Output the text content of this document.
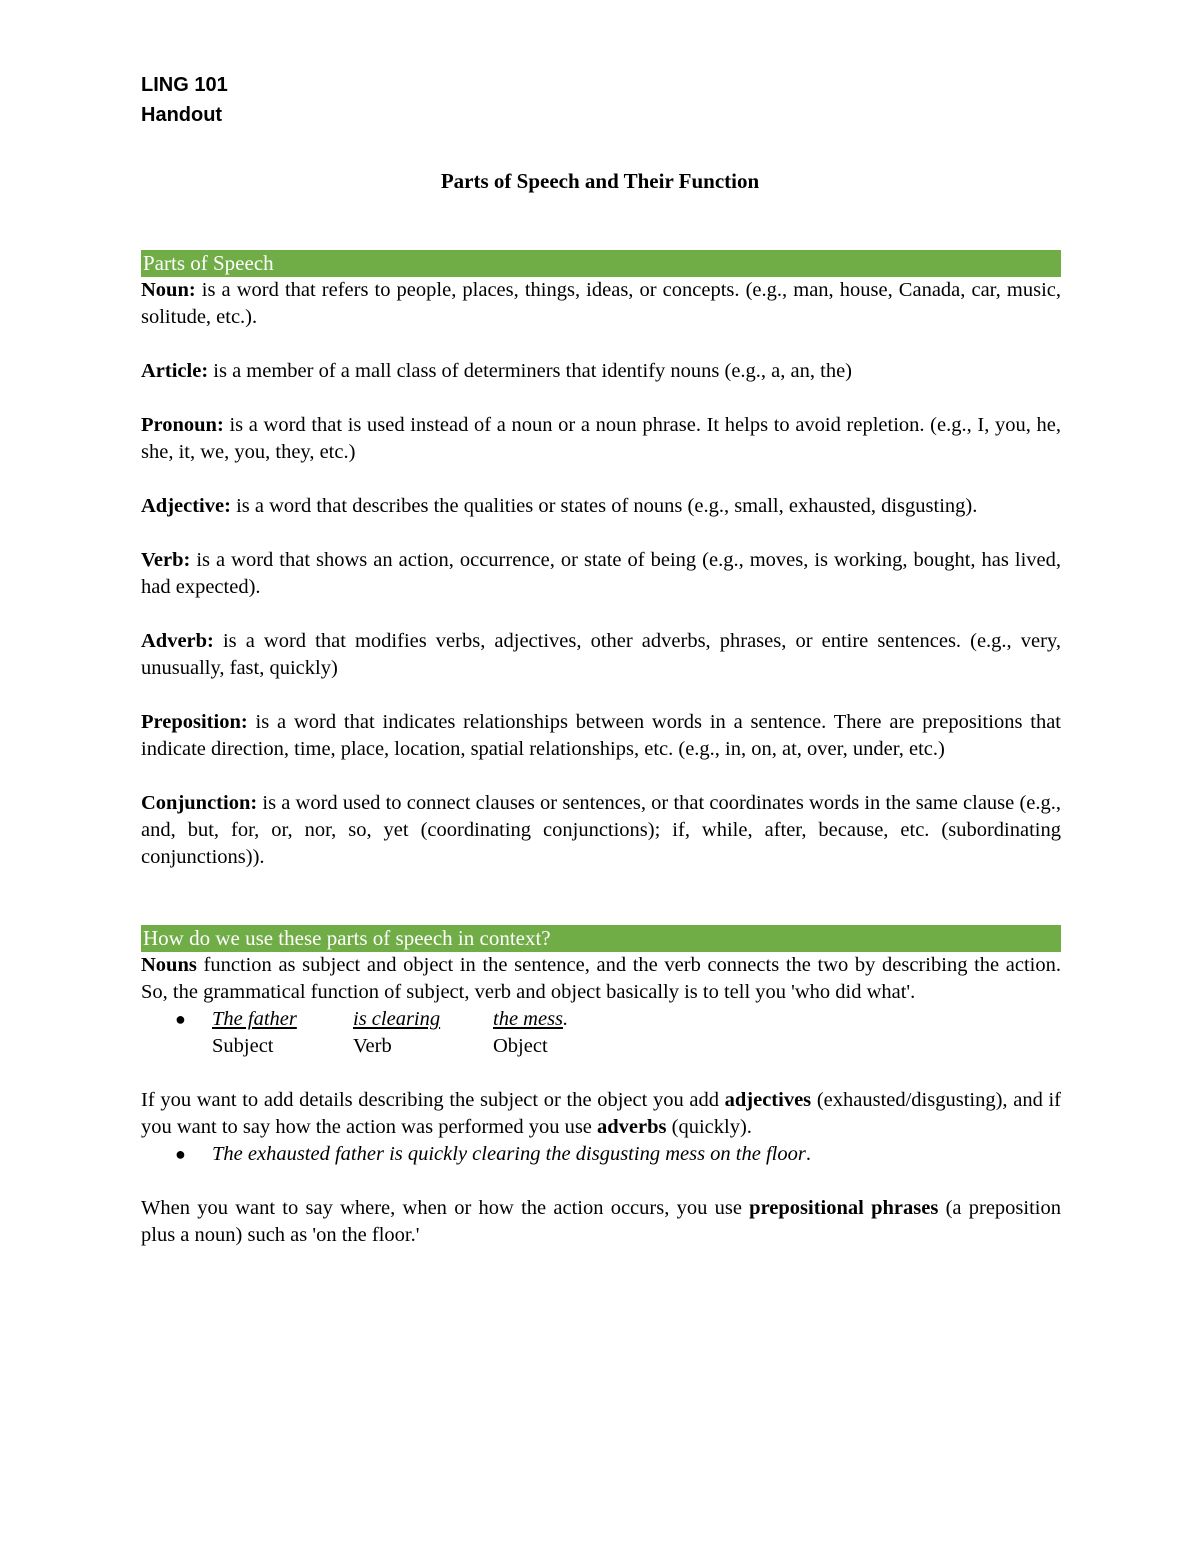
LING 101
Handout
Parts of Speech and Their Function
Parts of Speech

Noun: is a word that refers to people, places, things, ideas, or concepts. (e.g., man, house, Canada, car, music, solitude, etc.).

Article: is a member of a mall class of determiners that identify nouns (e.g., a, an, the)

Pronoun: is a word that is used instead of a noun or a noun phrase. It helps to avoid repletion. (e.g., I, you, he, she, it, we, you, they, etc.)

Adjective: is a word that describes the qualities or states of nouns (e.g., small, exhausted, disgusting).

Verb: is a word that shows an action, occurrence, or state of being (e.g., moves, is working, bought, has lived, had expected).

Adverb: is a word that modifies verbs, adjectives, other adverbs, phrases, or entire sentences. (e.g., very, unusually, fast, quickly)

Preposition: is a word that indicates relationships between words in a sentence. There are prepositions that indicate direction, time, place, location, spatial relationships, etc. (e.g., in, on, at, over, under, etc.)

Conjunction: is a word used to connect clauses or sentences, or that coordinates words in the same clause (e.g., and, but, for, or, nor, so, yet (coordinating conjunctions); if, while, after, because, etc. (subordinating conjunctions)).

How do we use these parts of speech in context?

Nouns function as subject and object in the sentence, and the verb connects the two by describing the action. So, the grammatical function of subject, verb and object basically is to tell you 'who did what'.

● The father	is clearing	the mess.
Subject	Verb	Object

If you want to add details describing the subject or the object you add adjectives (exhausted/disgusting), and if you want to say how the action was performed you use adverbs (quickly).

● The exhausted father is quickly clearing the disgusting mess on the floor.

When you want to say where, when or how the action occurs, you use prepositional phrases (a preposition plus a noun) such as 'on the floor.'
